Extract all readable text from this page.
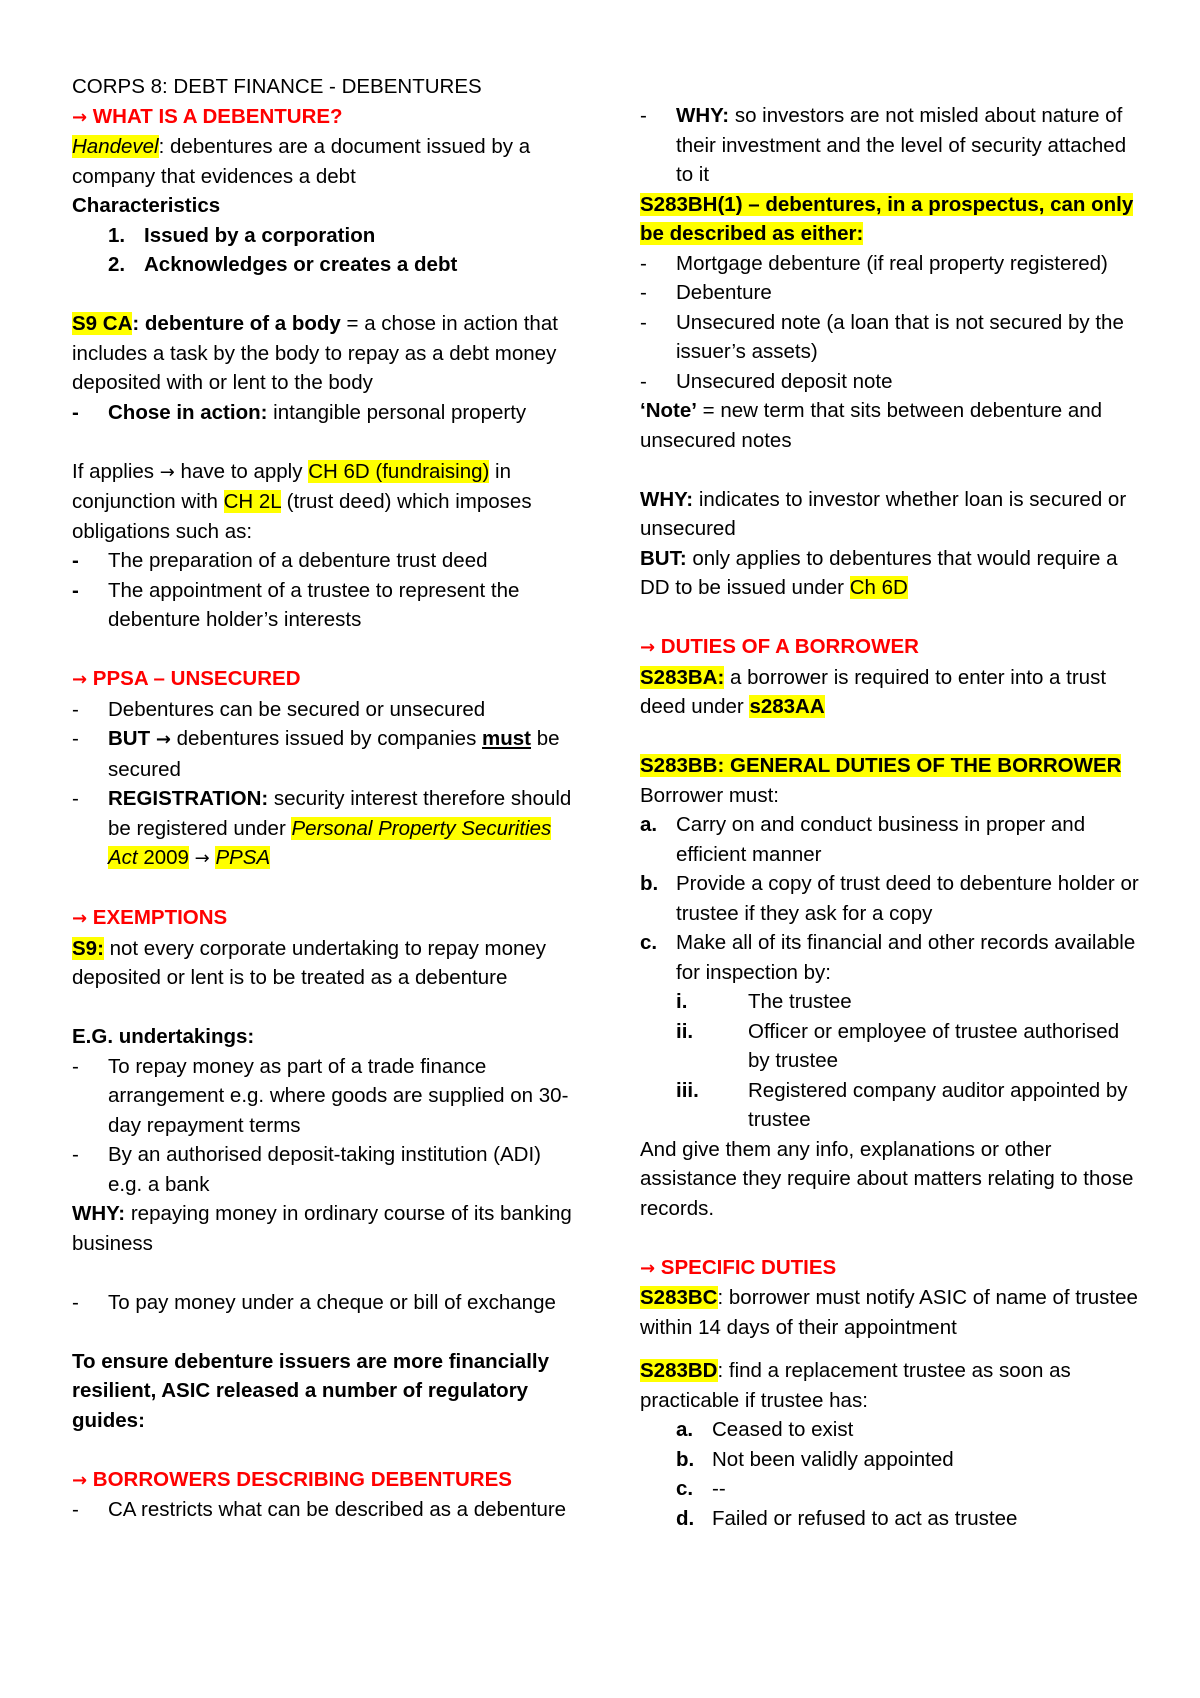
CORPS 8: DEBT FINANCE - DEBENTURES
→ WHAT IS A DEBENTURE?
Handevel: debentures are a document issued by a company that evidences a debt
Characteristics
1. Issued by a corporation
2. Acknowledges or creates a debt
S9 CA: debenture of a body = a chose in action that includes a task by the body to repay as a debt money deposited with or lent to the body
- Chose in action: intangible personal property
If applies → have to apply CH 6D (fundraising) in conjunction with CH 2L (trust deed) which imposes obligations such as:
- The preparation of a debenture trust deed
- The appointment of a trustee to represent the debenture holder’s interests
→ PPSA – UNSECURED
- Debentures can be secured or unsecured
- BUT → debentures issued by companies must be secured
- REGISTRATION: security interest therefore should be registered under Personal Property Securities Act 2009 → PPSA
→ EXEMPTIONS
S9: not every corporate undertaking to repay money deposited or lent is to be treated as a debenture
E.G. undertakings:
- To repay money as part of a trade finance arrangement e.g. where goods are supplied on 30-day repayment terms
- By an authorised deposit-taking institution (ADI) e.g. a bank
WHY: repaying money in ordinary course of its banking business
- To pay money under a cheque or bill of exchange
To ensure debenture issuers are more financially resilient, ASIC released a number of regulatory guides:
→ BORROWERS DESCRIBING DEBENTURES
- CA restricts what can be described as a debenture
- WHY: so investors are not misled about nature of their investment and the level of security attached to it
S283BH(1) – debentures, in a prospectus, can only be described as either:
- Mortgage debenture (if real property registered)
- Debenture
- Unsecured note (a loan that is not secured by the issuer’s assets)
- Unsecured deposit note
‘Note’ = new term that sits between debenture and unsecured notes
WHY: indicates to investor whether loan is secured or unsecured
BUT: only applies to debentures that would require a DD to be issued under Ch 6D
→ DUTIES OF A BORROWER
S283BA: a borrower is required to enter into a trust deed under s283AA
S283BB: GENERAL DUTIES OF THE BORROWER
Borrower must:
a. Carry on and conduct business in proper and efficient manner
b. Provide a copy of trust deed to debenture holder or trustee if they ask for a copy
c. Make all of its financial and other records available for inspection by:
i.	The trustee
ii.	Officer or employee of trustee authorised by trustee
iii. Registered company auditor appointed by trustee
And give them any info, explanations or other assistance they require about matters relating to those records.
→ SPECIFIC DUTIES
S283BC: borrower must notify ASIC of name of trustee within 14 days of their appointment
S283BD: find a replacement trustee as soon as practicable if trustee has:
a. Ceased to exist
b. Not been validly appointed
c. --
d. Failed or refused to act as trustee
